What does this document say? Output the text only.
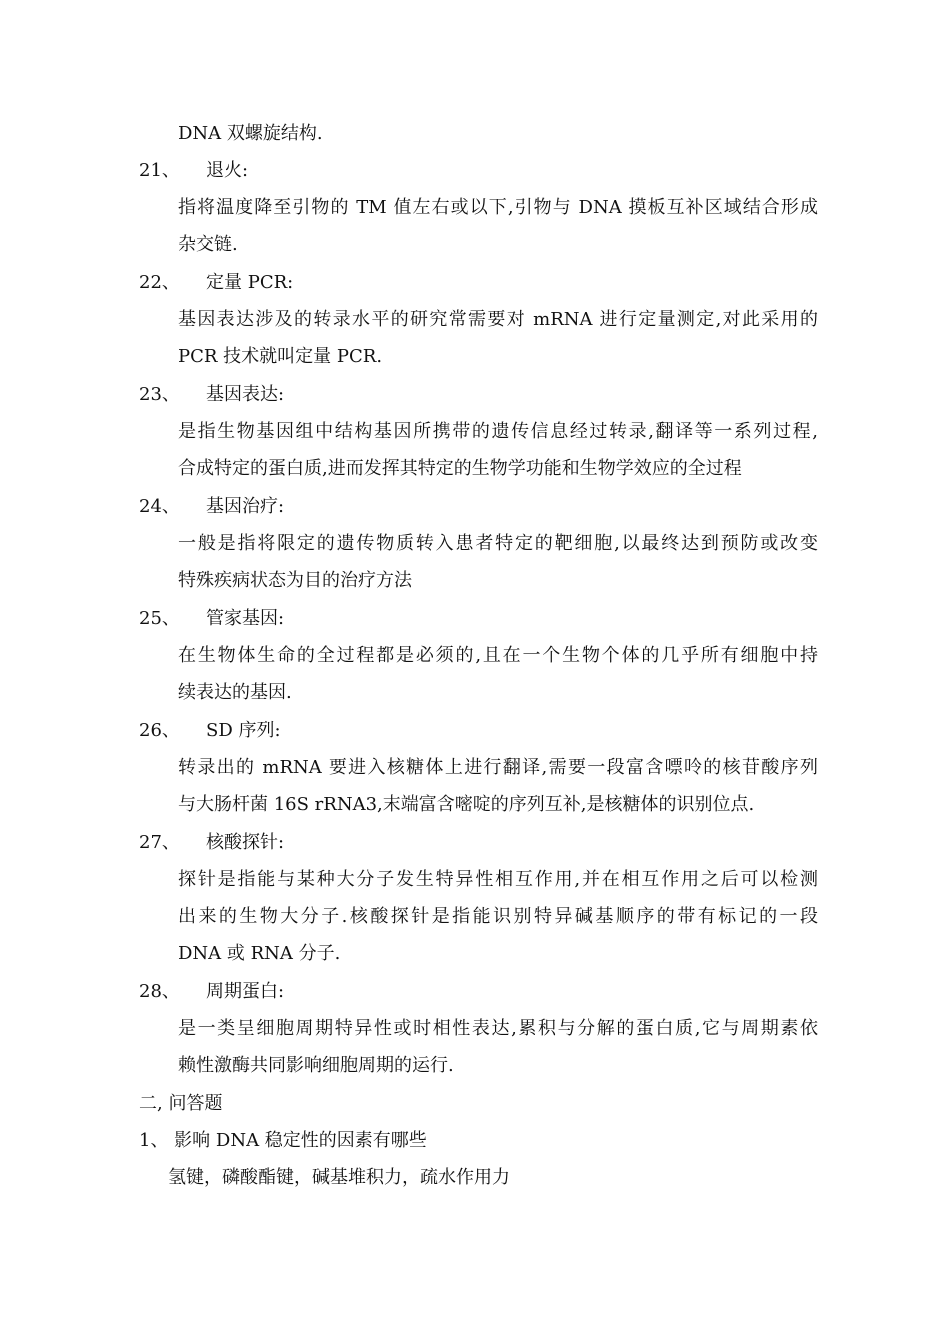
DNA 双螺旋结构.
21、 退火:
指将温度降至引物的 TM 值左右或以下,引物与 DNA 摸板互补区域结合形成
杂交链.
22、 定量 PCR:
基因表达涉及的转录水平的研究常需要对 mRNA 进行定量测定,对此采用的
PCR 技术就叫定量 PCR.
23、 基因表达:
是指生物基因组中结构基因所携带的遗传信息经过转录,翻译等一系列过程,
合成特定的蛋白质,进而发挥其特定的生物学功能和生物学效应的全过程
24、 基因治疗:
一般是指将限定的遗传物质转入患者特定的靶细胞,以最终达到预防或改变
特殊疾病状态为目的治疗方法
25、 管家基因:
在生物体生命的全过程都是必须的,且在一个生物个体的几乎所有细胞中持
续表达的基因.
26、 SD 序列:
转录出的 mRNA 要进入核糖体上进行翻译,需要一段富含嘌呤的核苷酸序列
与大肠杆菌 16S rRNA3,末端富含嘧啶的序列互补,是核糖体的识别位点.
27、 核酸探针:
探针是指能与某种大分子发生特异性相互作用,并在相互作用之后可以检测
出来的生物大分子.核酸探针是指能识别特异碱基顺序的带有标记的一段
DNA 或 RNA 分子.
28、 周期蛋白:
是一类呈细胞周期特异性或时相性表达,累积与分解的蛋白质,它与周期素依
赖性激酶共同影响细胞周期的运行.
二, 问答题
1、 影响 DNA 稳定性的因素有哪些
氢键，磷酸酯键，碱基堆积力，疏水作用力
